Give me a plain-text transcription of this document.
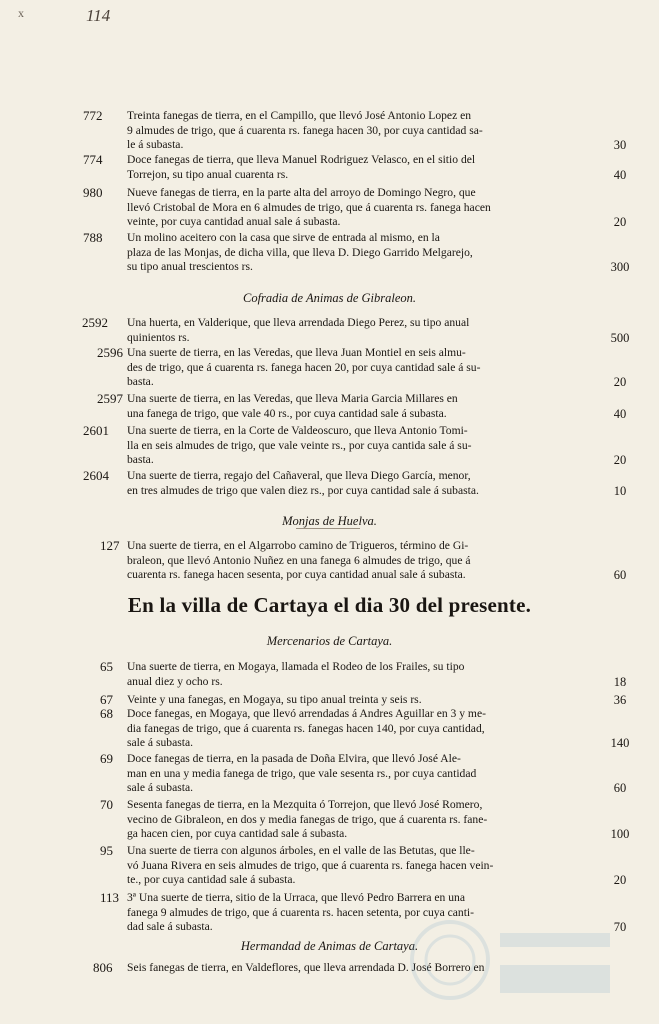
x	114
772	Treinta fanegas de tierra, en el Campillo, que llevó José Antonio Lopez en
9 almudes de trigo, que á cuarenta rs. fanega hacen 30, por cuya cantidad sa-
le á subasta.	30
774	Doce fanegas de tierra, que lleva Manuel Rodriguez Velasco, en el sitio del
Torrejon, su tipo anual cuarenta rs.	40
980	Nueve fanegas de tierra, en la parte alta del arroyo de Domingo Negro, que
llevó Cristobal de Mora en 6 almudes de trigo, que á cuarenta rs. fanega hacen
veinte, por cuya cantidad anual sale á subasta.	20
788	Un molino aceitero con la casa que sirve de entrada al mismo, en la
plaza de las Monjas, de dicha villa, que lleva D. Diego Garrido Melgarejo,
su tipo anual trescientos rs.	300
2592	Una huerta, en Valderique, que lleva arrendada Diego Perez, su tipo anual
quinientos rs.	500
2596 Una suerte de tierra, en las Veredas, que lleva Juan Montiel en seis almu-
des de trigo, que á cuarenta rs. fanega hacen 20, por cuya cantidad sale á su-
basta.	20
2597 Una suerte de tierra, en las Veredas, que lleva Maria Garcia Millares en
una fanega de trigo, que vale 40 rs., por cuya cantidad sale á subasta.	40
2601	Una suerte de tierra, en la Corte de Valdeoscuro, que lleva Antonio Tomi-
lla en seis almudes de trigo, que vale veinte rs., por cuya cantida sale á su-
basta.	20
2604	Una suerte de tierra, regajo del Cañaveral, que lleva Diego García, menor,
en tres almudes de trigo que valen diez rs., por cuya cantidad sale á subasta.	10
127 Una suerte de tierra, en el Algarrobo camino de Trigueros, término de Gi-
braleon, que llevó Antonio Nuñez en una fanega 6 almudes de trigo, que á
cuarenta rs. fanega hacen sesenta, por cuya cantidad anual sale á subasta.	60
65	Una suerte de tierra, en Mogaya, llamada el Rodeo de los Frailes, su tipo
anual diez y ocho rs.	18
67	Veinte y una fanegas, en Mogaya, su tipo anual treinta y seis rs.	36
68	Doce fanegas, en Mogaya, que llevó arrendadas á Andres Aguillar en 3 y me-
dia fanegas de trigo, que á cuarenta rs. fanegas hacen 140, por cuya cantidad,
sale á subasta.	140
69	Doce fanegas de tierra, en la pasada de Doña Elvira, que llevó José Ale-
man en una y media fanega de trigo, que vale sesenta rs., por cuya cantidad
sale á subasta.	60
70	Sesenta fanegas de tierra, en la Mezquita ó Torrejon, que llevó José Romero,
vecino de Gibraleon, en dos y media fanegas de trigo, que á cuarenta rs. fane-
ga hacen cien, por cuya cantidad sale á subasta.	100
95	Una suerte de tierra con algunos árboles, en el valle de las Betutas, que lle-
vó Juana Rivera en seis almudes de trigo, que á cuarenta rs. fanega hacen vein-
te., por cuya cantidad sale á subasta.	20
113 3ª Una suerte de tierra, sitio de la Urraca, que llevó Pedro Barrera en una
fanega 9 almudes de trigo, que á cuarenta rs. hacen setenta, por cuya canti-
dad sale á subasta.	70
806	Seis fanegas de tierra, en Valdeflores, que lleva arrendada D. José Borrero en
Cofradia de Animas de Gibraleon.
Monjas de Huelva.
En la villa de Cartaya el dia 30 del presente.
Mercenarios de Cartaya.
Hermandad de Animas de Cartaya.
